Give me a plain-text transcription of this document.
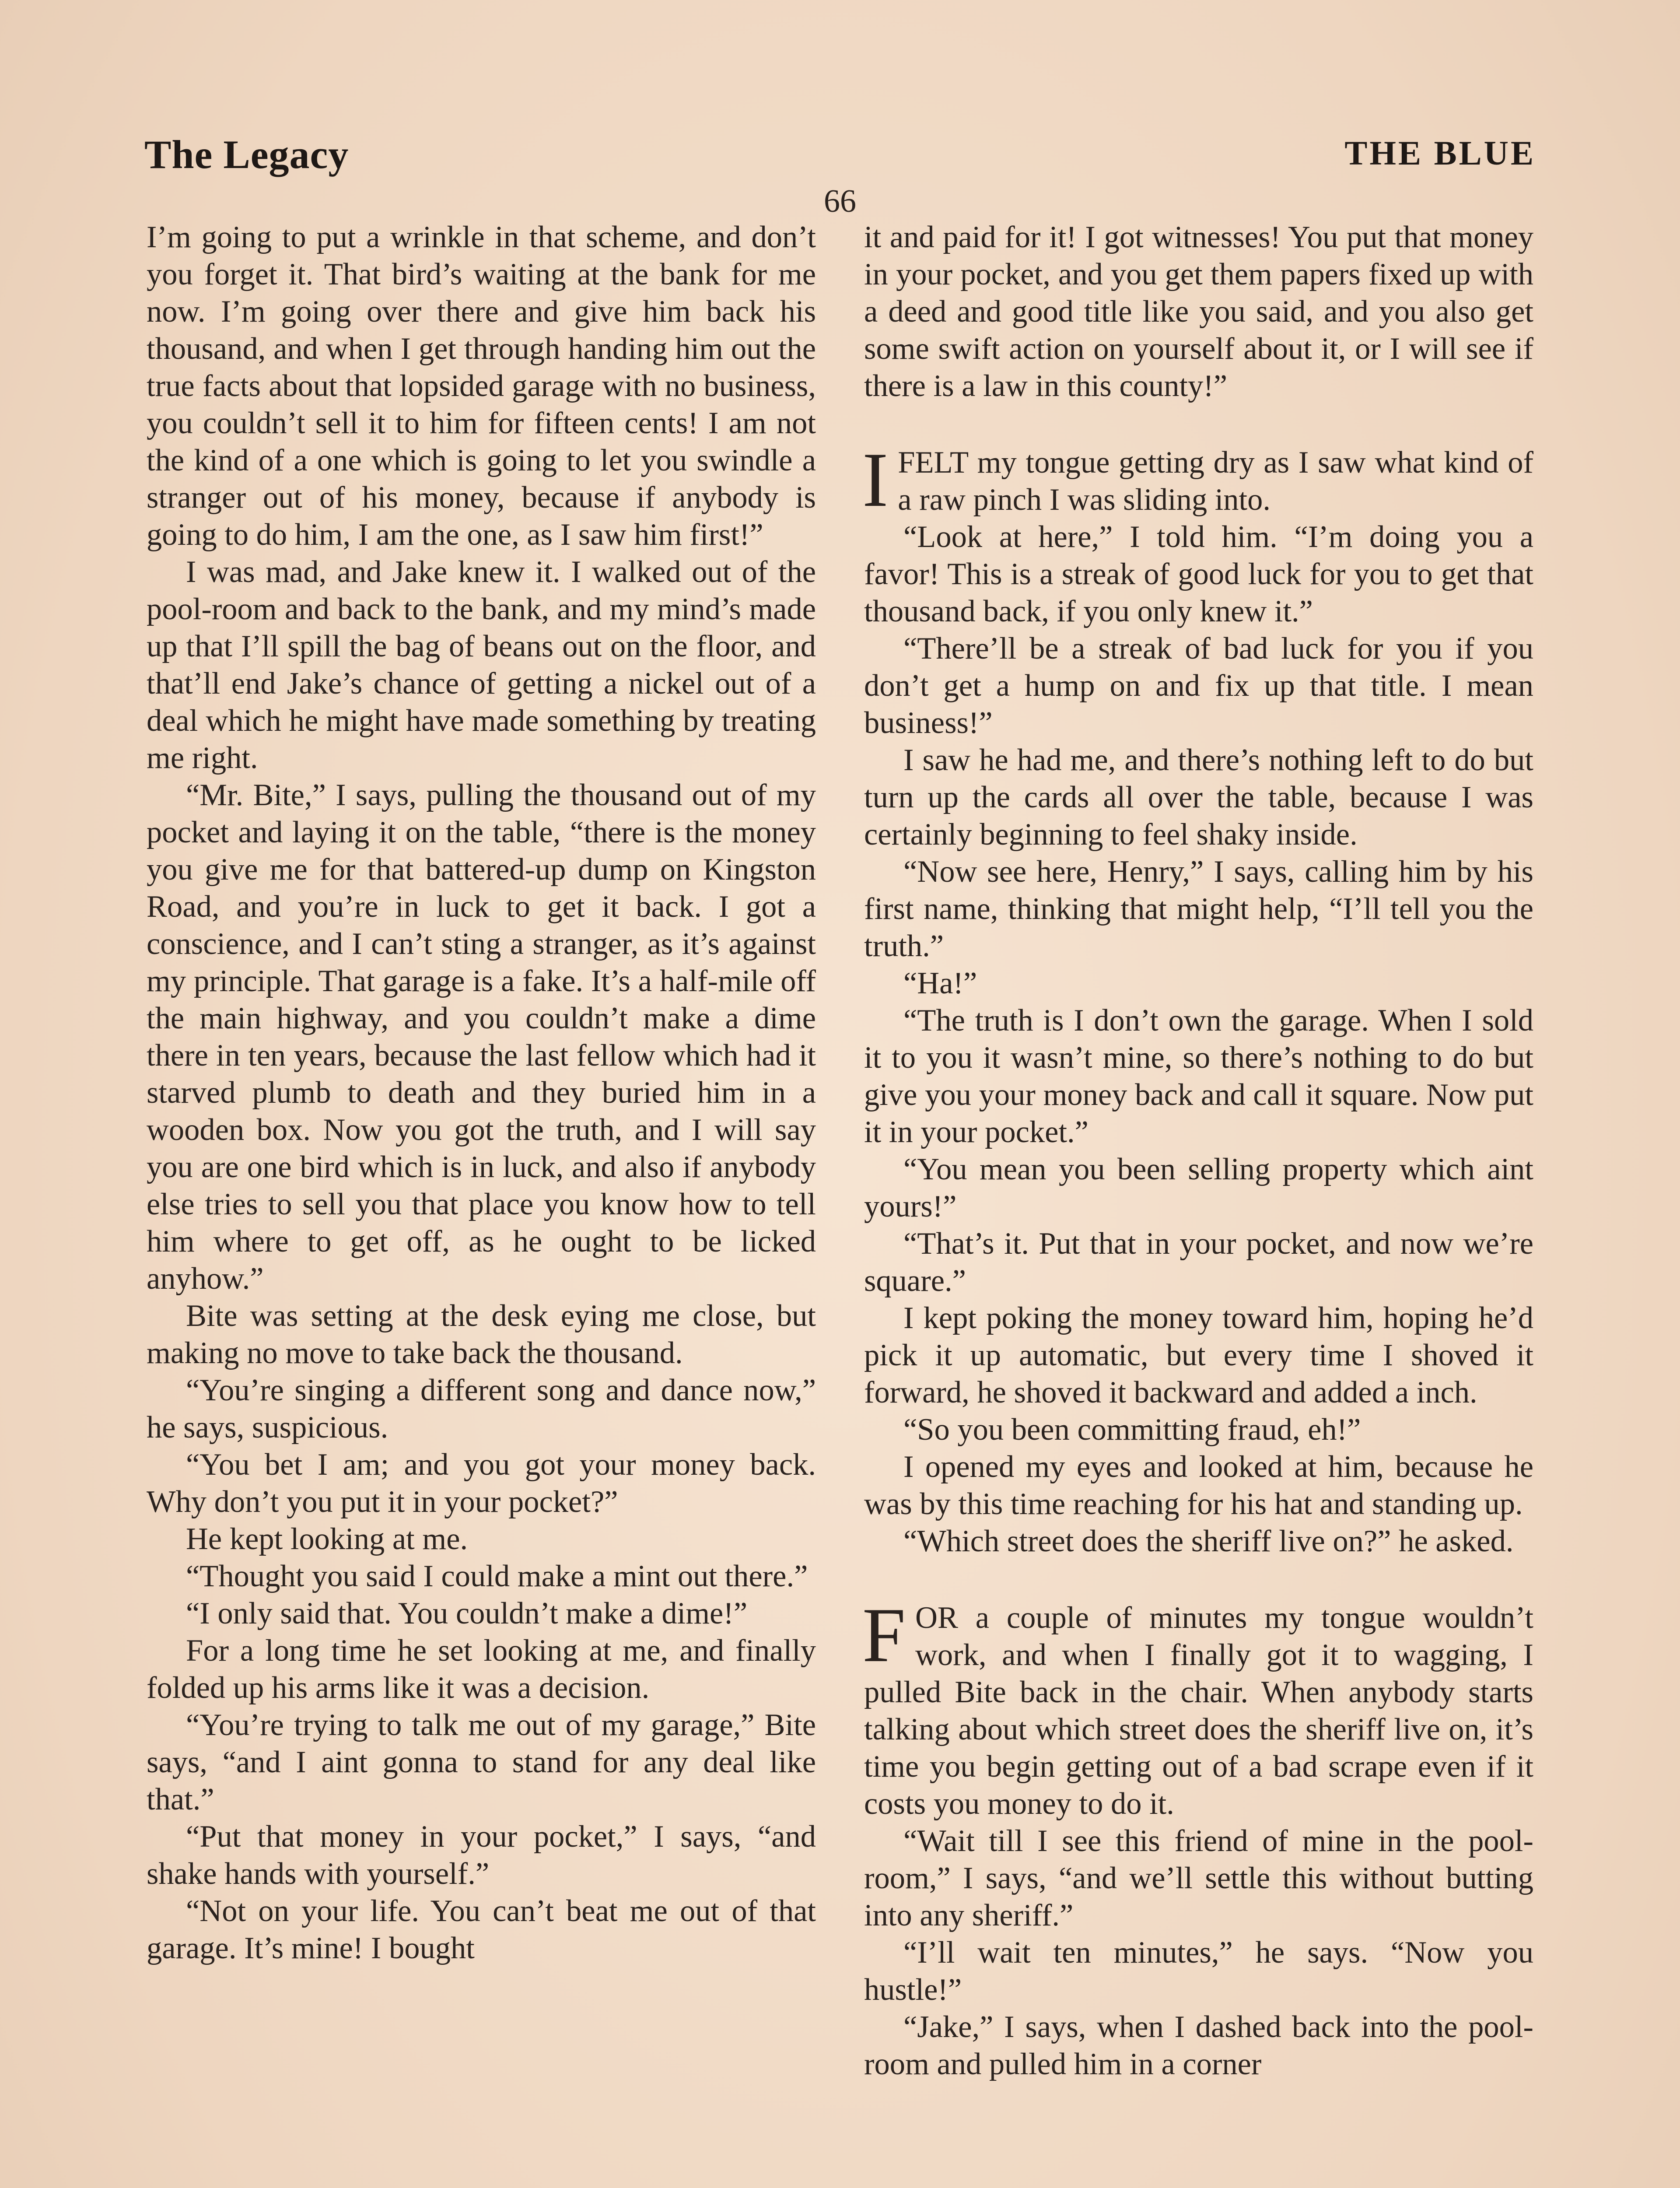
The Legacy	THE BLUE
66

I’m going to put a wrinkle in that scheme, and don’t you forget it. That bird’s waiting at the bank for me now. I’m going over there and give him back his thousand, and when I get through handing him out the true facts about that lopsided garage with no business, you couldn’t sell it to him for fifteen cents! I am not the kind of a one which is going to let you swindle a stranger out of his money, because if anybody is going to do him, I am the one, as I saw him first!”

I was mad, and Jake knew it. I walked out of the pool-room and back to the bank, and my mind’s made up that I’ll spill the bag of beans out on the floor, and that’ll end Jake’s chance of getting a nickel out of a deal which he might have made something by treating me right.

“Mr. Bite,” I says, pulling the thousand out of my pocket and laying it on the table, “there is the money you give me for that battered-up dump on Kingston Road, and you’re in luck to get it back. I got a conscience, and I can’t sting a stranger, as it’s against my principle. That garage is a fake. It’s a half-mile off the main highway, and you couldn’t make a dime there in ten years, because the last fellow which had it starved plumb to death and they buried him in a wooden box. Now you got the truth, and I will say you are one bird which is in luck, and also if anybody else tries to sell you that place you know how to tell him where to get off, as he ought to be licked anyhow.”

Bite was setting at the desk eying me close, but making no move to take back the thousand.

“You’re singing a different song and dance now,” he says, suspicious.

“You bet I am; and you got your money back. Why don’t you put it in your pocket?”

He kept looking at me.

“Thought you said I could make a mint out there.”

“I only said that. You couldn’t make a dime!”

For a long time he set looking at me, and finally folded up his arms like it was a decision.

“You’re trying to talk me out of my garage,” Bite says, “and I aint gonna to stand for any deal like that.”

“Put that money in your pocket,” I says, “and shake hands with yourself.”

“Not on your life. You can’t beat me out of that garage. It’s mine! I bought

it and paid for it! I got witnesses! You put that money in your pocket, and you get them papers fixed up with a deed and good title like you said, and you also get some swift action on yourself about it, or I will see if there is a law in this county!”

IFELT my tongue getting dry as I saw what kind of a raw pinch I was sliding into.

“Look at here,” I told him. “I’m doing you a favor! This is a streak of good luck for you to get that thousand back, if you only knew it.”

“There’ll be a streak of bad luck for you if you don’t get a hump on and fix up that title. I mean business!”

I saw he had me, and there’s nothing left to do but turn up the cards all over the table, because I was certainly beginning to feel shaky inside.

“Now see here, Henry,” I says, calling him by his first name, thinking that might help, “I’ll tell you the truth.”

“Ha!”

“The truth is I don’t own the garage. When I sold it to you it wasn’t mine, so there’s nothing to do but give you your money back and call it square. Now put it in your pocket.”

“You mean you been selling property which aint yours!”

“That’s it. Put that in your pocket, and now we’re square.”

I kept poking the money toward him, hoping he’d pick it up automatic, but every time I shoved it forward, he shoved it backward and added a inch.

“So you been committing fraud, eh!”

I opened my eyes and looked at him, because he was by this time reaching for his hat and standing up.

“Which street does the sheriff live on?” he asked.

FOR a couple of minutes my tongue wouldn’t work, and when I finally got it to wagging, I pulled Bite back in the chair. When anybody starts talking about which street does the sheriff live on, it’s time you begin getting out of a bad scrape even if it costs you money to do it.

“Wait till I see this friend of mine in the pool-room,” I says, “and we’ll settle this without butting into any sheriff.”

“I’ll wait ten minutes,” he says. “Now you hustle!”

“Jake,” I says, when I dashed back into the pool-room and pulled him in a corner
